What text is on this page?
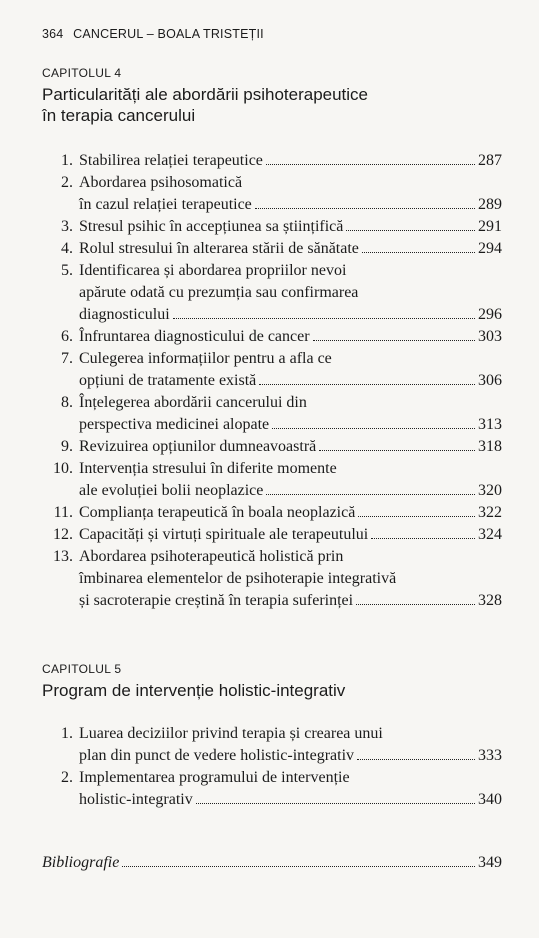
364 CANCERUL – BOALA TRISTEȚII
CAPITOLUL 4
Particularități ale abordării psihoterapeutice
în terapia cancerului
1. Stabilirea relației terapeutice	287
2. Abordarea psihosomatică
în cazul relației terapeutice	289
3. Stresul psihic în accepțiunea sa științifică	291
4. Rolul stresului în alterarea stării de sănătate	294
5. Identificarea și abordarea propriilor nevoi
apărute odată cu prezumția sau confirmarea
diagnosticului	296
6. Înfruntarea diagnosticului de cancer	303
7. Culegerea informațiilor pentru a afla ce
opțiuni de tratamente există	306
8. Înțelegerea abordării cancerului din
perspectiva medicinei alopate	313
9. Revizuirea opțiunilor dumneavoastră	318
10. Intervenția stresului în diferite momente
ale evoluției bolii neoplazice	320
11. Complianța terapeutică în boala neoplazică	322
12. Capacități și virtuți spirituale ale terapeutului	324
13. Abordarea psihoterapeutică holistică prin
îmbinarea elementelor de psihoterapie integrativă
și sacroterapie creștină în terapia suferinței	328
CAPITOLUL 5
Program de intervenție holistic-integrativ
1. Luarea deciziilor privind terapia și crearea unui
plan din punct de vedere holistic-integrativ	333
2. Implementarea programului de intervenție
holistic-integrativ	340
Bibliografie	349
